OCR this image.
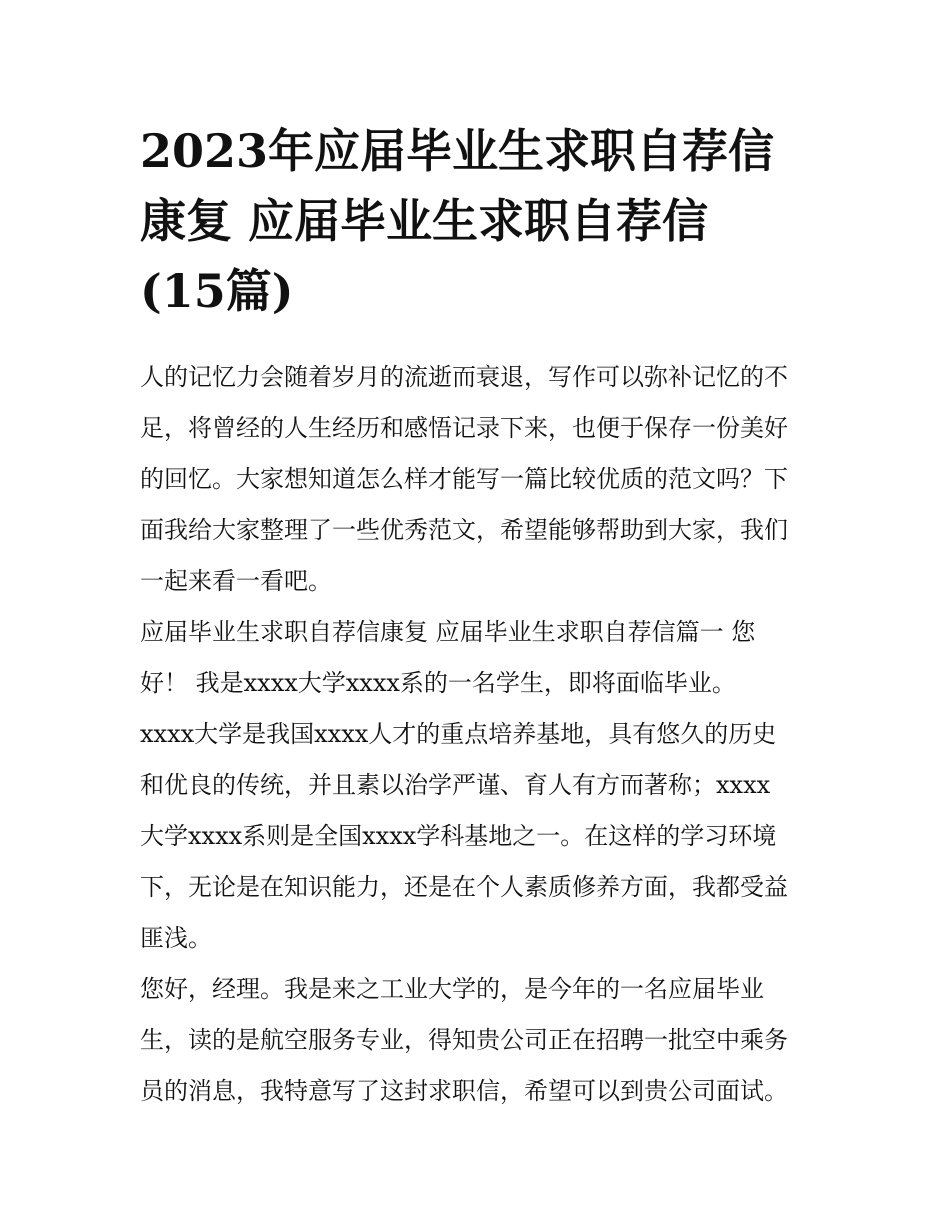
2023年应届毕业生求职自荐信
康复 应届毕业生求职自荐信
(15篇)
人的记忆力会随着岁月的流逝而衰退，写作可以弥补记忆的不
足，将曾经的人生经历和感悟记录下来，也便于保存一份美好
的回忆。大家想知道怎么样才能写一篇比较优质的范文吗？下
面我给大家整理了一些优秀范文，希望能够帮助到大家，我们
一起来看一看吧。
应届毕业生求职自荐信康复 应届毕业生求职自荐信篇一 您
好！ 我是xxxx大学xxxx系的一名学生，即将面临毕业。
xxxx大学是我国xxxx人才的重点培养基地，具有悠久的历史
和优良的传统，并且素以治学严谨、育人有方而著称；xxxx
大学xxxx系则是全国xxxx学科基地之一。在这样的学习环境
下，无论是在知识能力，还是在个人素质修养方面，我都受益
匪浅。
您好，经理。我是来之工业大学的，是今年的一名应届毕业
生，读的是航空服务专业，得知贵公司正在招聘一批空中乘务
员的消息，我特意写了这封求职信，希望可以到贵公司面试。
